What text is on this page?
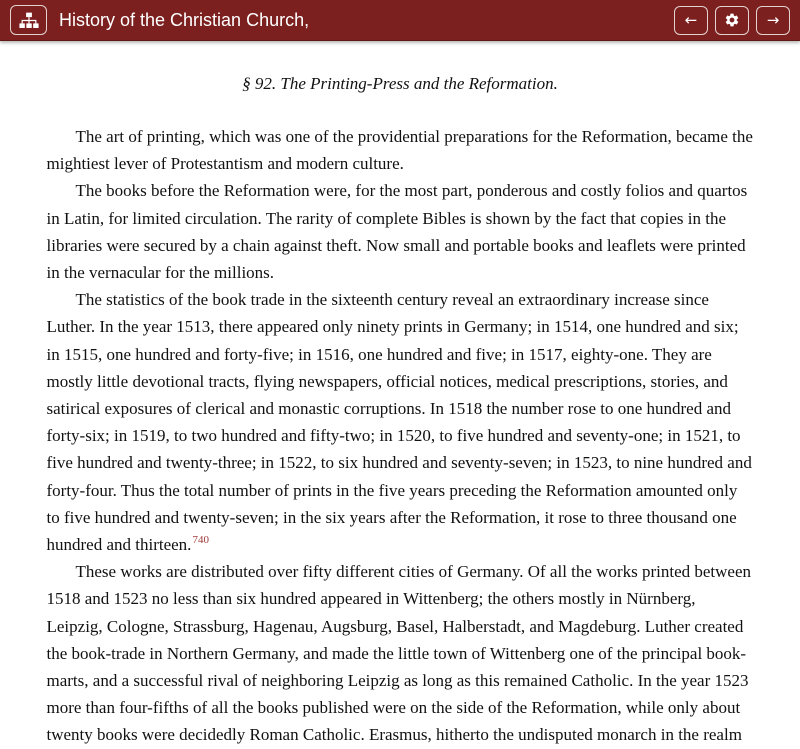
History of the Christian Church,	←	→
§ 92. The Printing-Press and the Reformation.

The art of printing, which was one of the providential preparations for the Reformation, became the mightiest lever of Protestantism and modern culture.

The books before the Reformation were, for the most part, ponderous and costly folios and quartos in Latin, for limited circulation. The rarity of complete Bibles is shown by the fact that copies in the libraries were secured by a chain against theft. Now small and portable books and leaflets were printed in the vernacular for the millions.

The statistics of the book trade in the sixteenth century reveal an extraordinary increase since Luther. In the year 1513, there appeared only ninety prints in Germany; in 1514, one hundred and six; in 1515, one hundred and forty-five; in 1516, one hundred and five; in 1517, eighty-one. They are mostly little devotional tracts, flying newspapers, official notices, medical prescriptions, stories, and satirical exposures of clerical and monastic corruptions. In 1518 the number rose to one hundred and forty-six; in 1519, to two hundred and fifty-two; in 1520, to five hundred and seventy-one; in 1521, to five hundred and twenty-three; in 1522, to six hundred and seventy-seven; in 1523, to nine hundred and forty-four. Thus the total number of prints in the five years preceding the Reformation amounted only to five hundred and twenty-seven; in the six years after the Reformation, it rose to three thousand one hundred and thirteen.$^{740}$

These works are distributed over fifty different cities of Germany. Of all the works printed between 1518 and 1523 no less than six hundred appeared in Wittenberg; the others mostly in Nürnberg, Leipzig, Cologne, Strassburg, Hagenau, Augsburg, Basel, Halberstadt, and Magdeburg. Luther created the book-trade in Northern Germany, and made the little town of Wittenberg one of the principal book-marts, and a successful rival of neighboring Leipzig as long as this remained Catholic. In the year 1523 more than four-fifths of all the books published were on the side of the Reformation, while only about twenty books were decidedly Roman Catholic. Erasmus, hitherto the undisputed monarch in the realm
